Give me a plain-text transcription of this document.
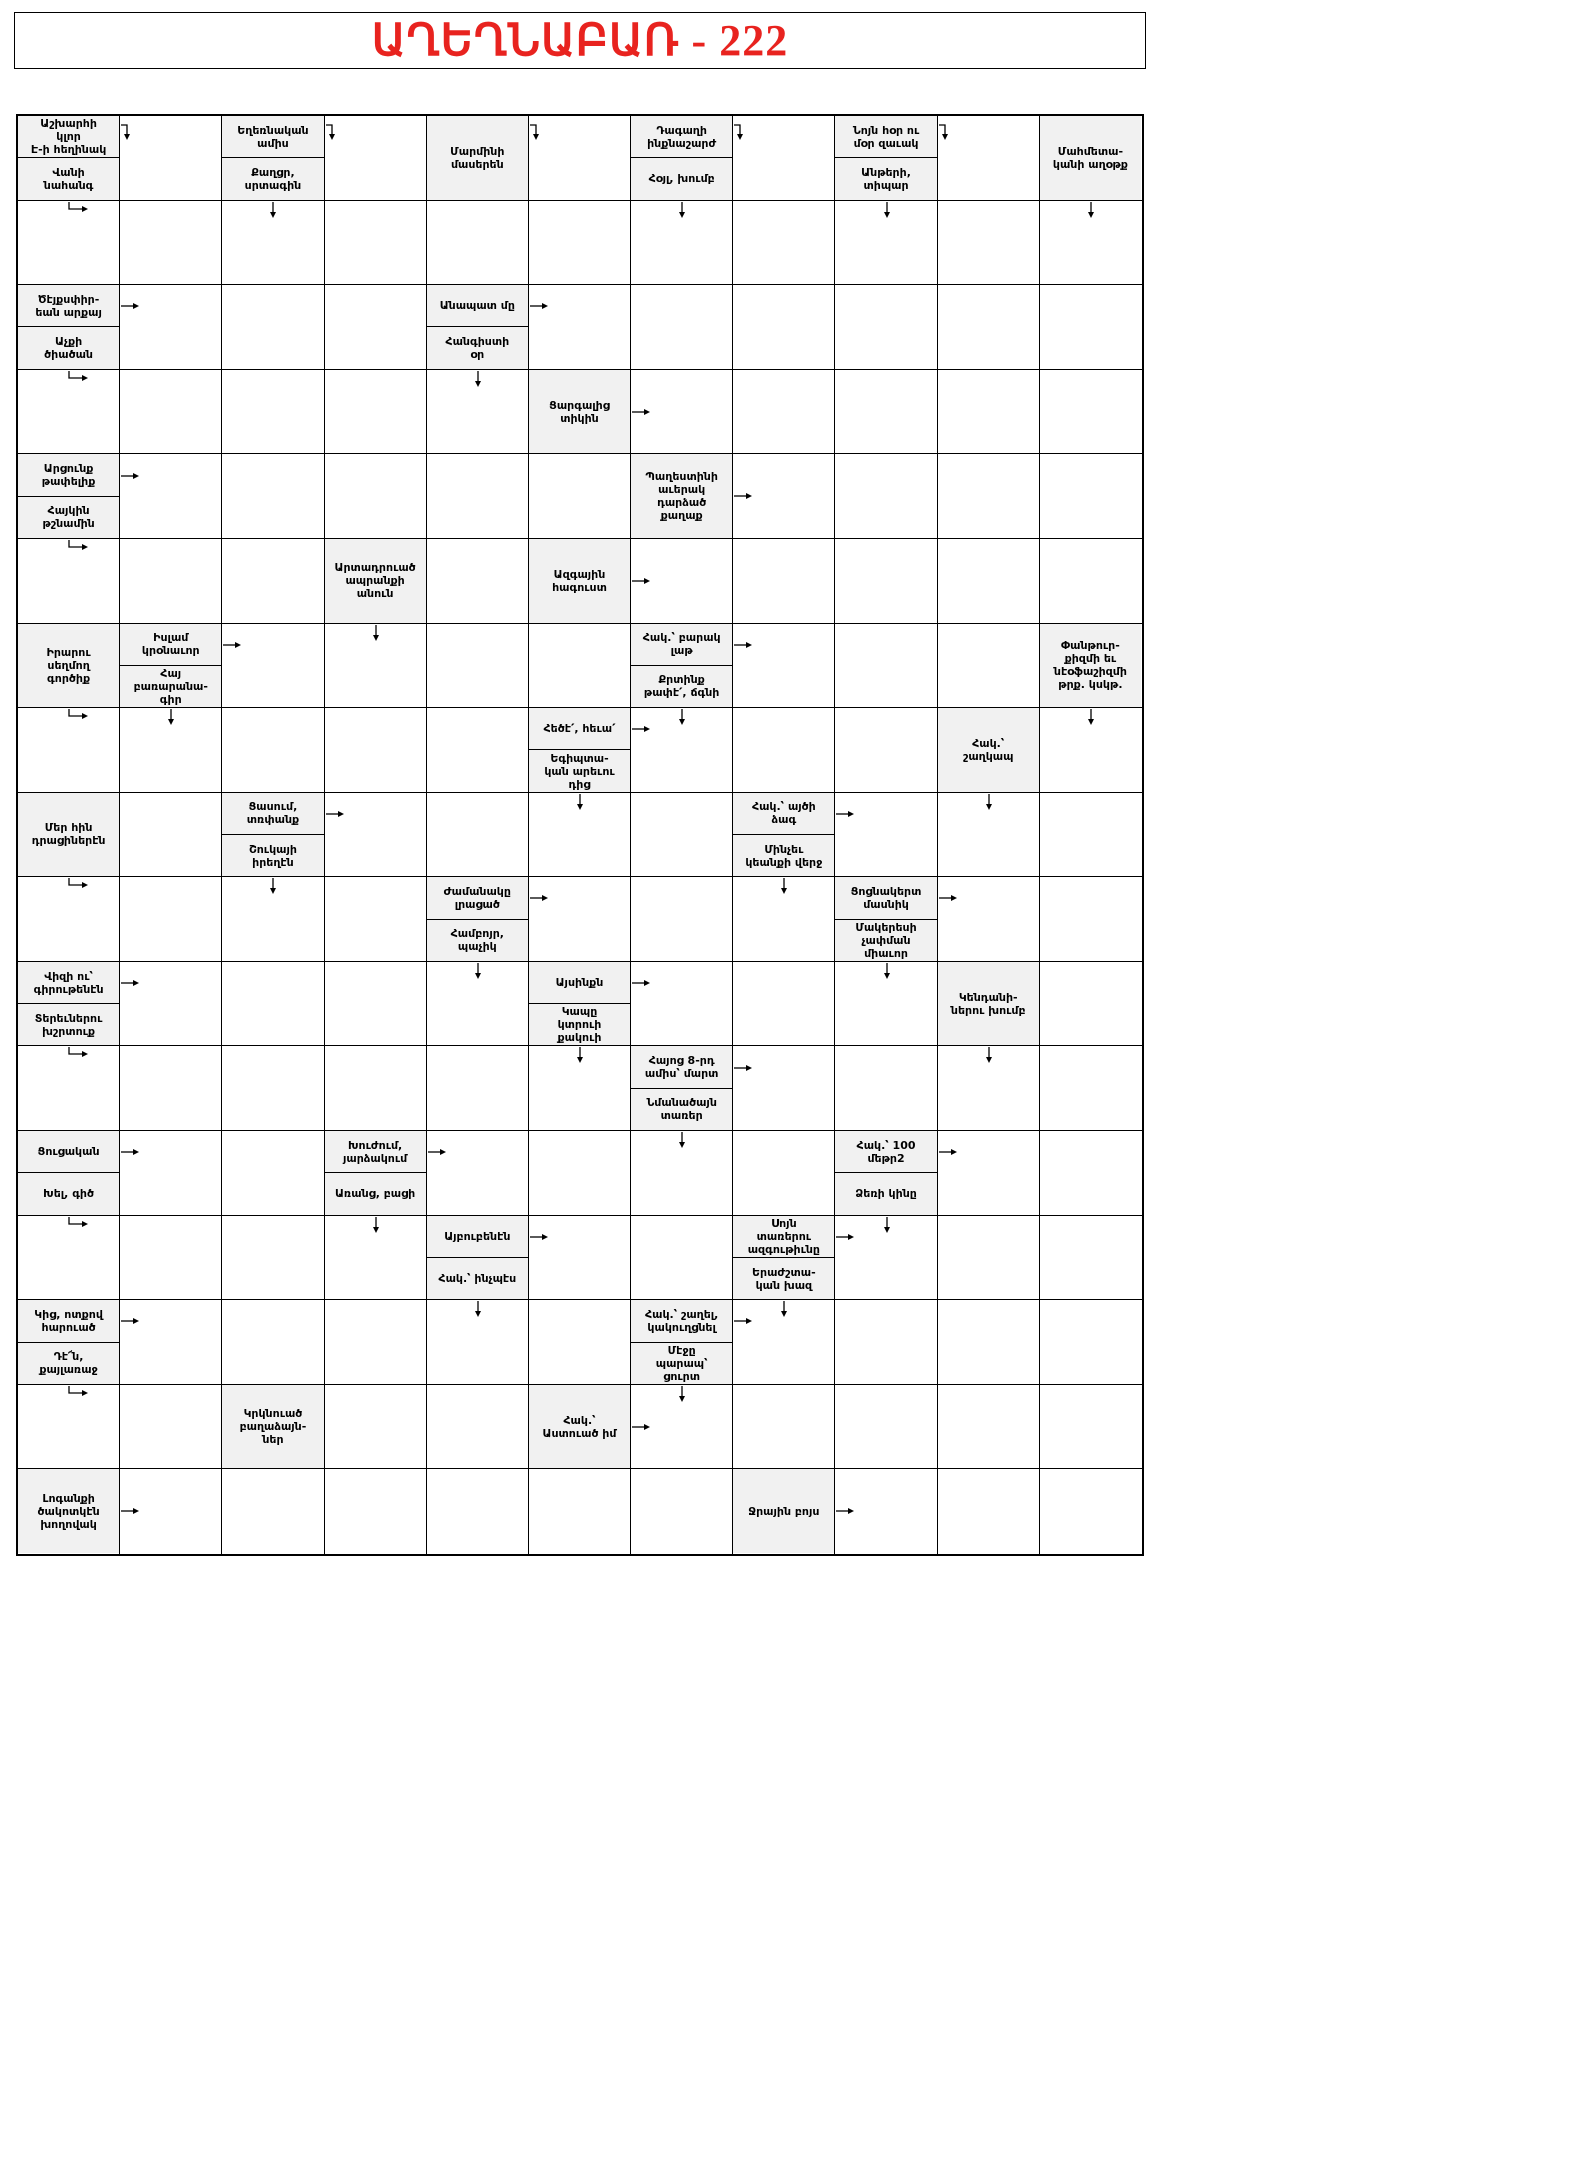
ԱՂԵՂՆԱԲԱՌ - 222
Աշխարհի
կլոր
Է-ի հեղինակ
Վանի
նահանգ
Եղեռնական
ամիս
Քաղցր,
սրտագին
Մարմինի
մասերեն
Դագաղի
ինքնաշարժ
Հօյլ, խումբ
Նոյն հօր ու
մօր զաւակ
Անթերի,
տիպար
Մահմետա-
կանի աղօթք
Ծէյքսփիր-
եան արքայ
Աչքի
ծիածան
Անապատ մը
Հանգիստի
օր
Ցարգալից
տիկին
Արցունք
թափելիք
Հայկին
թշնամին
Պաղեստինի
աւերակ
դարձած
քաղաք
Արտադրուած
ապրանքի
անուն
Ազգային
հագուստ
Իրարու
սեղմող
գործիք
Իսլամ
կրօնաւոր
Հայ
բառարանա-
գիր
Հակ.՝ բարակ
լաթ
Քրտինք
թափէ՛, ճգնի
Փանթուր-
քիզմի եւ
նէօֆաշիզմի
թրք. կսկթ.
Հեծէ՛, հեւա՛
Եգիպտա-
կան արեւու
դից
Հակ.՝
շաղկապ
Մեր հին
դրացիներէն
Ցասում,
տռփանք
Շուկայի
իրեղէն
Հակ.՝ այծի
ձագ
Մինչեւ
կեանքի վերջ
Ժամանակը
լրացած
Համբոյր,
պաչիկ
Ցոցնակերտ
մասնիկ
Մակերեսի
չափման
միաւոր
Վիզի ու՝
գիրութենէն
Տերեւներու
խշրտուք
Այսինքն
Կապը
կտրուի
քակուի
Կենդանի-
ներու խումբ
Հայոց 8-րդ
ամիս՝ մարտ
Նմանածայն
տառեր
Ցուցական
Խել, գիծ
Խուժում,
յարձակում
Առանց, բացի
Հակ.՝ 100
մեթր2
Ձեռի կինը
Այբուբենէն
Հակ.՝ ինչպէս
Սոյն
տառերու
ազգութիւնը
Երաժշտա-
կան խազ
Կից, ոտքով
հարուած
Դէ՜ն,
քայլառաջ
Հակ.՝ շաղել,
կակուղցնել
Մէջը
պարապ՝
ցուրտ
Կրկնուած
բաղաձայն-
ներ
Հակ.՝
Աստուած իմ
Լոգանքի
ծակոտկէն
խողովակ
Ջրային բոյս
